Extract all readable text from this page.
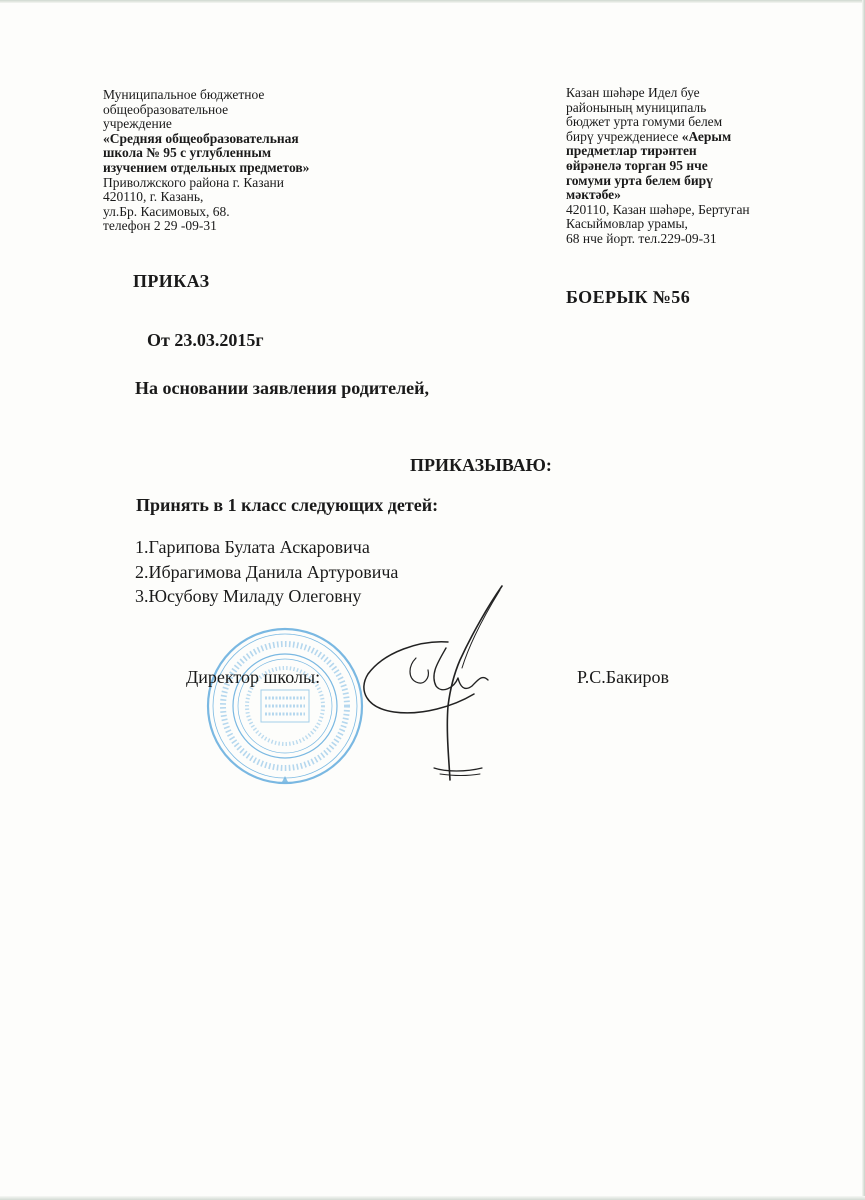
Муниципальное бюджетное
общеобразовательное
учреждение
«Средняя общеобразовательная
школа № 95 с углубленным
изучением отдельных предметов»
Приволжского района г. Казани
420110, г. Казань,
ул.Бр. Касимовых, 68.
телефон 2 29 -09-31
Казан шәһәре Идел буе
районының муниципаль
бюджет урта гомуми белем
бирү учреждениесе «Аерым
предметлар тирәнтен
өйрәнелә торган 95 нче
гомуми урта белем бирү
мәктәбе»
420110, Казан шәһәре, Бертуган
Касыймовлар урамы,
68 нче йорт. тел.229-09-31
ПРИКАЗ
БОЕРЫК №56
От 23.03.2015г
На основании заявления родителей,
ПРИКАЗЫВАЮ:
Принять в 1 класс следующих детей:
1.Гарипова Булата Аскаровича
2.Ибрагимова Данила Артуровича
3.Юсубову Миладу Олеговну
Директор школы:	Р.С.Бакиров
